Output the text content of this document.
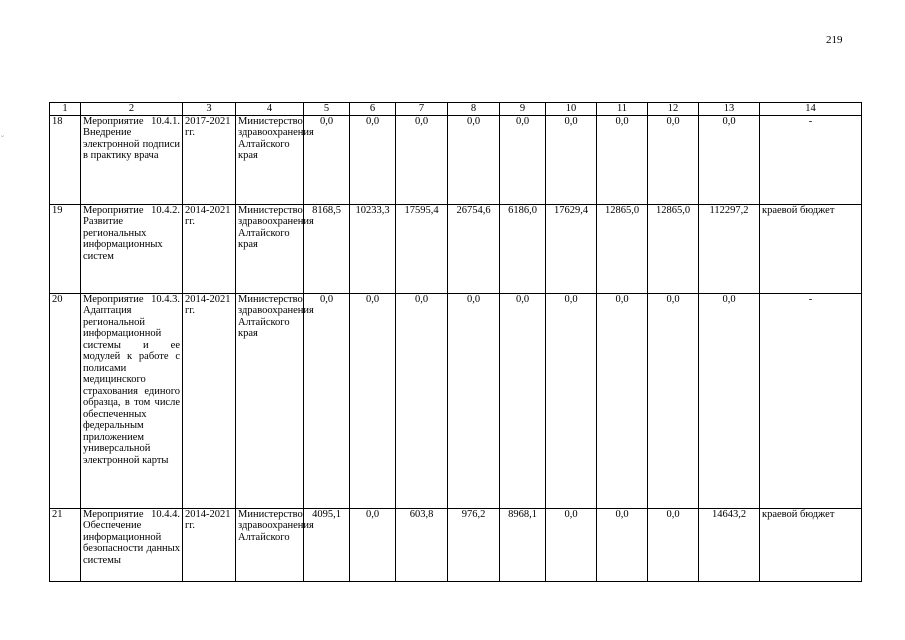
219
˘
1	2	3	4	5	6	7	8	9	10	11	12	13	14
18	Мероприятие 10.4.1. Внедрение электронной подписи в практику врача	2017-2021 гг.	Министерство здравоохранения Алтайского края	0,0	0,0	0,0	0,0	0,0	0,0	0,0	0,0	0,0	-
19	Мероприятие 10.4.2. Развитие региональных информационных систем	2014-2021 гг.	Министерство здравоохранения Алтайского края	8168,5	10233,3	17595,4	26754,6	6186,0	17629,4	12865,0	12865,0	112297,2	краевой бюджет
20	Мероприятие 10.4.3. Адаптация региональной информационной системы и ее модулей к работе с полисами медицинского страхования единого образца, в том числе обеспеченных федеральным приложением универсальной электронной карты	2014-2021 гг.	Министерство здравоохранения Алтайского края	0,0	0,0	0,0	0,0	0,0	0,0	0,0	0,0	0,0	-
21	Мероприятие 10.4.4. Обеспечение информационной безопасности данных системы	2014-2021 гг.	Министерство здравоохранения Алтайского	4095,1	0,0	603,8	976,2	8968,1	0,0	0,0	0,0	14643,2	краевой бюджет
